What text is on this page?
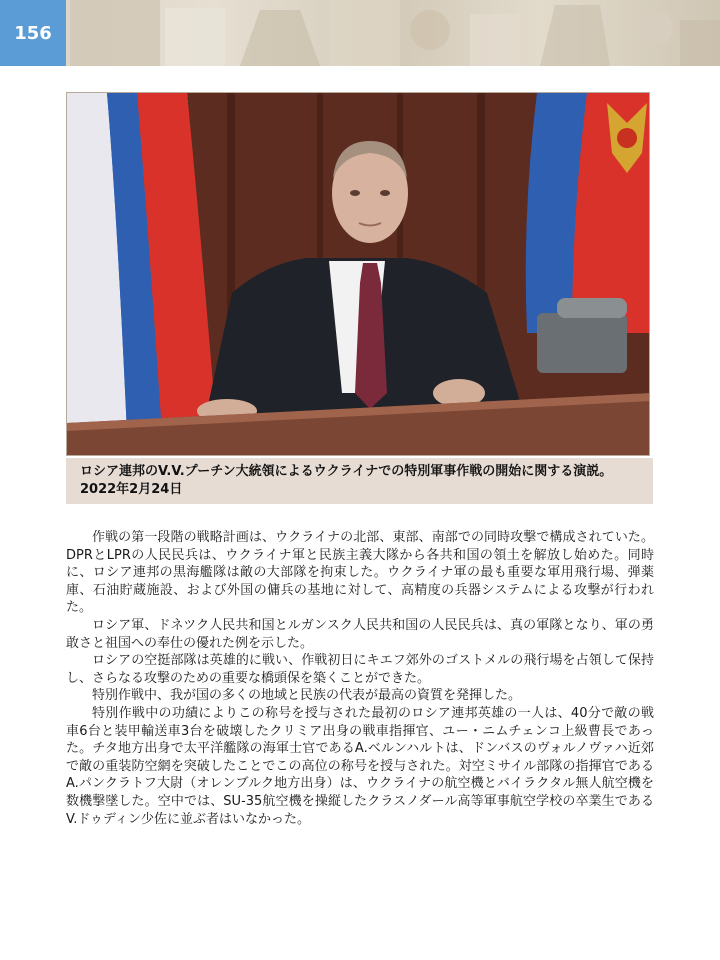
156

ロシア連邦のV.V.プーチン大統領によるウクライナでの特別軍事作戦の開始に関する演説。2022年2月24日

作戦の第一段階の戦略計画は、ウクライナの北部、東部、南部での同時攻撃で構成されていた。DPRとLPRの人民民兵は、ウクライナ軍と民族主義大隊から各共和国の領土を解放し始めた。同時に、ロシア連邦の黒海艦隊は敵の大部隊を拘束した。ウクライナ軍の最も重要な軍用飛行場、弾薬庫、石油貯蔵施設、および外国の傭兵の基地に対して、高精度の兵器システムによる攻撃が行われた。

ロシア軍、ドネツク人民共和国とルガンスク人民共和国の人民民兵は、真の軍隊となり、軍の勇敢さと祖国への奉仕の優れた例を示した。

ロシアの空挺部隊は英雄的に戦い、作戦初日にキエフ郊外のゴストメルの飛行場を占領して保持し、さらなる攻撃のための重要な橋頭保を築くことができた。

特別作戦中、我が国の多くの地域と民族の代表が最高の資質を発揮した。

特別作戦中の功績によりこの称号を授与された最初のロシア連邦英雄の一人は、40分で敵の戦車6台と装甲輸送車3台を破壊したクリミア出身の戦車指揮官、ユー・ニムチェンコ上級曹長であった。チタ地方出身で太平洋艦隊の海軍士官であるA.ベルンハルトは、ドンバスのヴォルノヴァハ近郊で敵の重装防空網を突破したことでこの高位の称号を授与された。対空ミサイル部隊の指揮官であるA.パンクラトフ大尉（オレンブルク地方出身）は、ウクライナの航空機とバイラクタル無人航空機を数機撃墜した。空中では、SU-35航空機を操縦したクラスノダール高等軍事航空学校の卒業生であるV.ドゥディン少佐に並ぶ者はいなかった。
